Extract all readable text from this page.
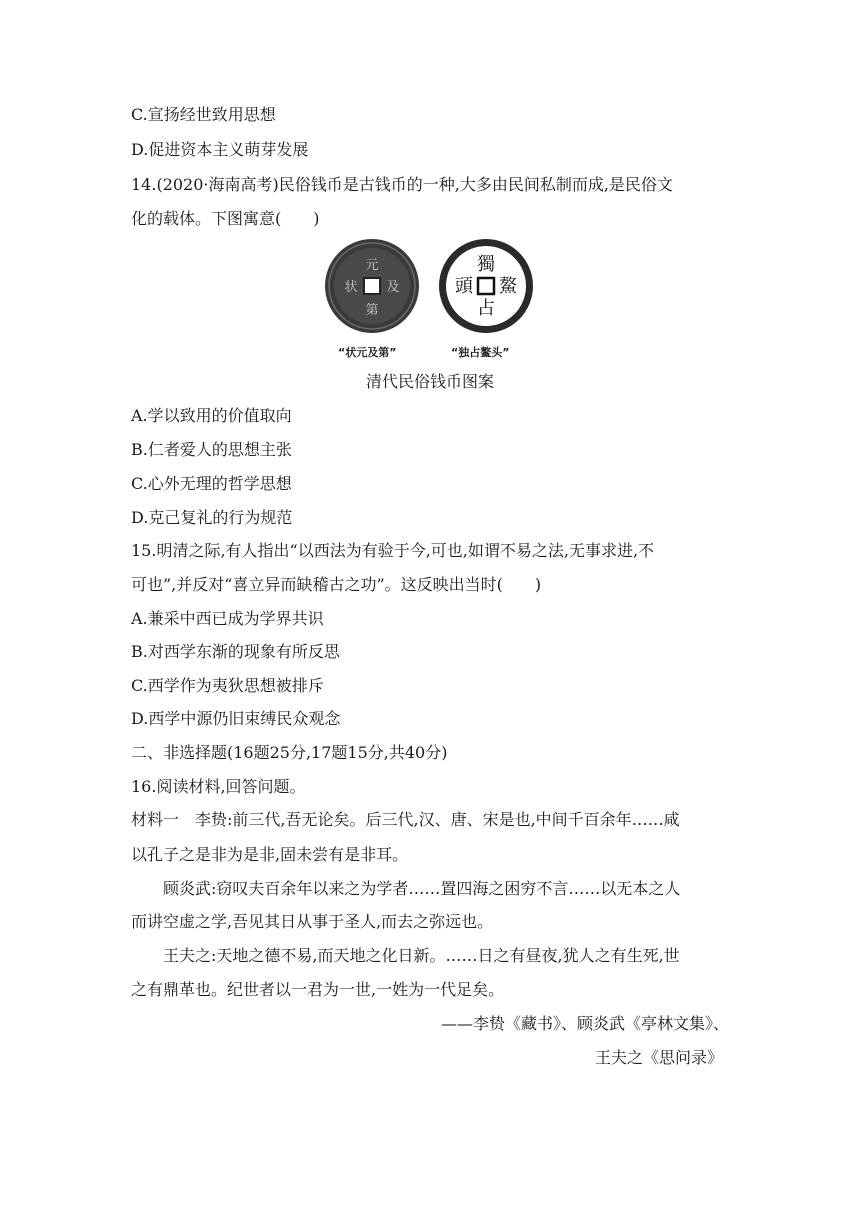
C.宣扬经世致用思想
D.促进资本主义萌芽发展
14.(2020·海南高考)民俗钱币是古钱币的一种,大多由民间私制而成,是民俗文
化的载体。下图寓意(　　)
元
状 及
第
獨
頭 鰲
占
“状元及第”	“独占鳌头”
清代民俗钱币图案
A.学以致用的价值取向
B.仁者爱人的思想主张
C.心外无理的哲学思想
D.克己复礼的行为规范
15.明清之际,有人指出“以西法为有验于今,可也,如谓不易之法,无事求进,不
可也”,并反对“喜立异而缺稽古之功”。这反映出当时(　　)
A.兼采中西已成为学界共识
B.对西学东渐的现象有所反思
C.西学作为夷狄思想被排斥
D.西学中源仍旧束缚民众观念
二、非选择题(16题25分,17题15分,共40分)
16.阅读材料,回答问题。
材料一　李贽:前三代,吾无论矣。后三代,汉、唐、宋是也,中间千百余年……咸
以孔子之是非为是非,固未尝有是非耳。
顾炎武:窃叹夫百余年以来之为学者……置四海之困穷不言……以无本之人
而讲空虚之学,吾见其日从事于圣人,而去之弥远也。
王夫之:天地之德不易,而天地之化日新。……日之有昼夜,犹人之有生死,世
之有鼎革也。纪世者以一君为一世,一姓为一代足矣。
——李贽《藏书》、顾炎武《亭林文集》、
王夫之《思问录》
